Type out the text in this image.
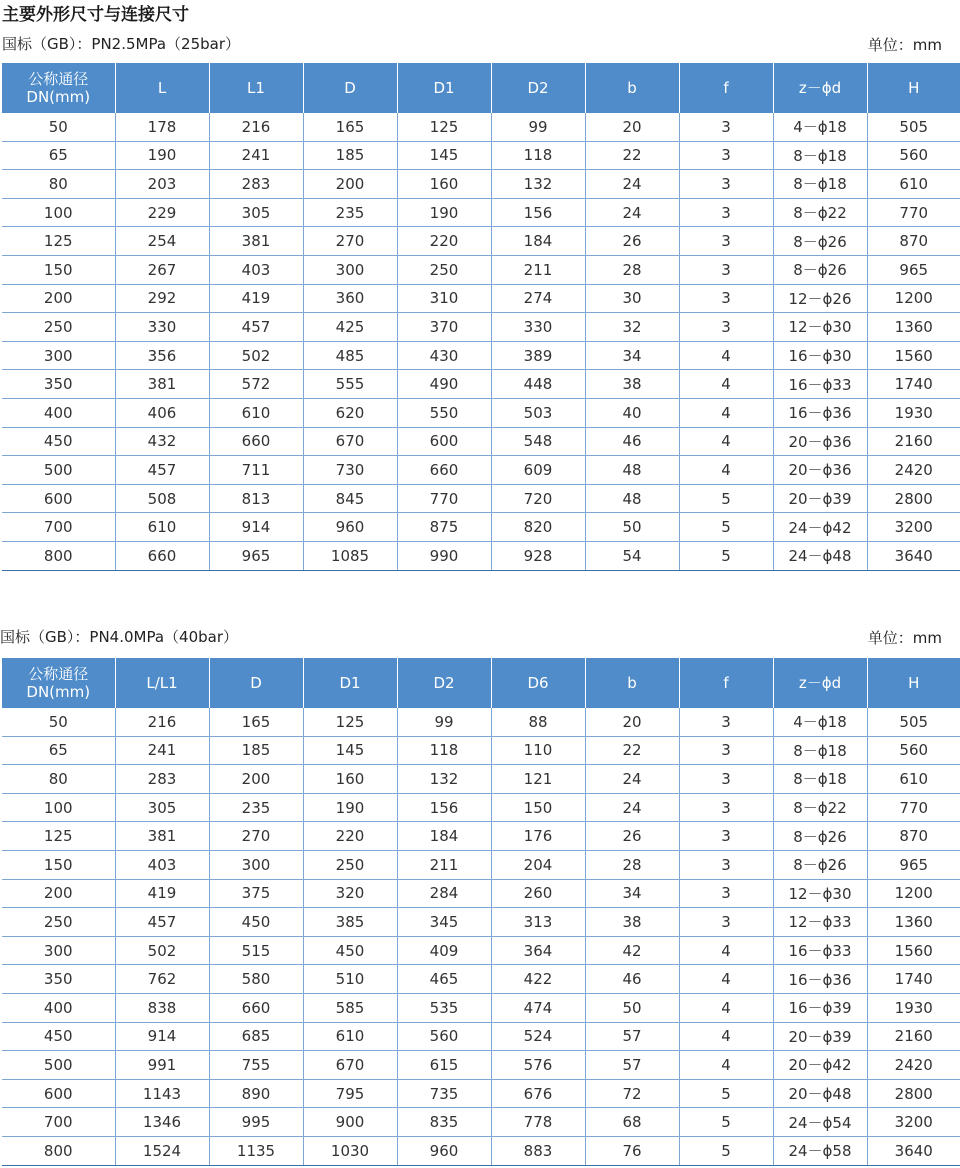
主要外形尺寸与连接尺寸
国标（GB）：PN2.5MPa（25bar）	单位：mm
公称通径
DN(mm)	L	L1	D	D1	D2	b	f	z－ϕd	H
50	178	216	165	125	99	20	3	4－ϕ18	505
65	190	241	185	145	118	22	3	8－ϕ18	560
80	203	283	200	160	132	24	3	8－ϕ18	610
100	229	305	235	190	156	24	3	8－ϕ22	770
125	254	381	270	220	184	26	3	8－ϕ26	870
150	267	403	300	250	211	28	3	8－ϕ26	965
200	292	419	360	310	274	30	3	12－ϕ26	1200
250	330	457	425	370	330	32	3	12－ϕ30	1360
300	356	502	485	430	389	34	4	16－ϕ30	1560
350	381	572	555	490	448	38	4	16－ϕ33	1740
400	406	610	620	550	503	40	4	16－ϕ36	1930
450	432	660	670	600	548	46	4	20－ϕ36	2160
500	457	711	730	660	609	48	4	20－ϕ36	2420
600	508	813	845	770	720	48	5	20－ϕ39	2800
700	610	914	960	875	820	50	5	24－ϕ42	3200
800	660	965	1085	990	928	54	5	24－ϕ48	3640
国标（GB）：PN4.0MPa（40bar）	单位：mm
公称通径
DN(mm)	L/L1	D	D1	D2	D6	b	f	z－ϕd	H
50	216	165	125	99	88	20	3	4－ϕ18	505
65	241	185	145	118	110	22	3	8－ϕ18	560
80	283	200	160	132	121	24	3	8－ϕ18	610
100	305	235	190	156	150	24	3	8－ϕ22	770
125	381	270	220	184	176	26	3	8－ϕ26	870
150	403	300	250	211	204	28	3	8－ϕ26	965
200	419	375	320	284	260	34	3	12－ϕ30	1200
250	457	450	385	345	313	38	3	12－ϕ33	1360
300	502	515	450	409	364	42	4	16－ϕ33	1560
350	762	580	510	465	422	46	4	16－ϕ36	1740
400	838	660	585	535	474	50	4	16－ϕ39	1930
450	914	685	610	560	524	57	4	20－ϕ39	2160
500	991	755	670	615	576	57	4	20－ϕ42	2420
600	1143	890	795	735	676	72	5	20－ϕ48	2800
700	1346	995	900	835	778	68	5	24－ϕ54	3200
800	1524	1135	1030	960	883	76	5	24－ϕ58	3640
